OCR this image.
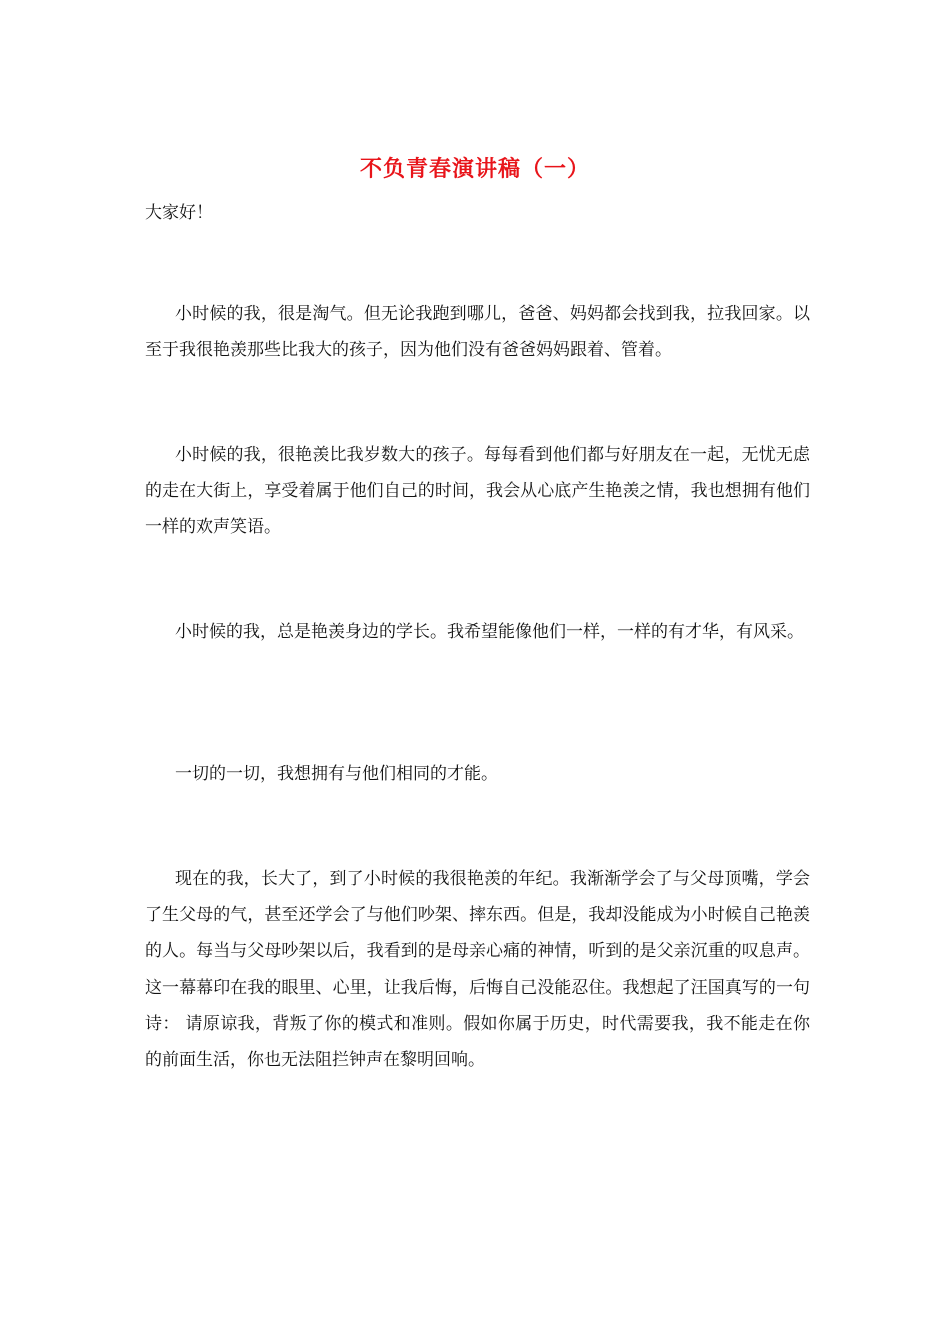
不负青春演讲稿（一）
大家好！

小时候的我，很是淘气。但无论我跑到哪儿，爸爸、妈妈都会找到我，拉我回家。以至于我很艳羡那些比我大的孩子，因为他们没有爸爸妈妈跟着、管着。

小时候的我，很艳羡比我岁数大的孩子。每每看到他们都与好朋友在一起，无忧无虑的走在大街上，享受着属于他们自己的时间，我会从心底产生艳羡之情，我也想拥有他们一样的欢声笑语。

小时候的我，总是艳羡身边的学长。我希望能像他们一样，一样的有才华，有风采。

一切的一切，我想拥有与他们相同的才能。

现在的我，长大了，到了小时候的我很艳羡的年纪。我渐渐学会了与父母顶嘴，学会了生父母的气，甚至还学会了与他们吵架、摔东西。但是，我却没能成为小时候自己艳羡的人。每当与父母吵架以后，我看到的是母亲心痛的神情，听到的是父亲沉重的叹息声。这一幕幕印在我的眼里、心里，让我后悔，后悔自己没能忍住。我想起了汪国真写的一句诗： 请原谅我，背叛了你的模式和准则。假如你属于历史，时代需要我，我不能走在你的前面生活，你也无法阻拦钟声在黎明回响。
